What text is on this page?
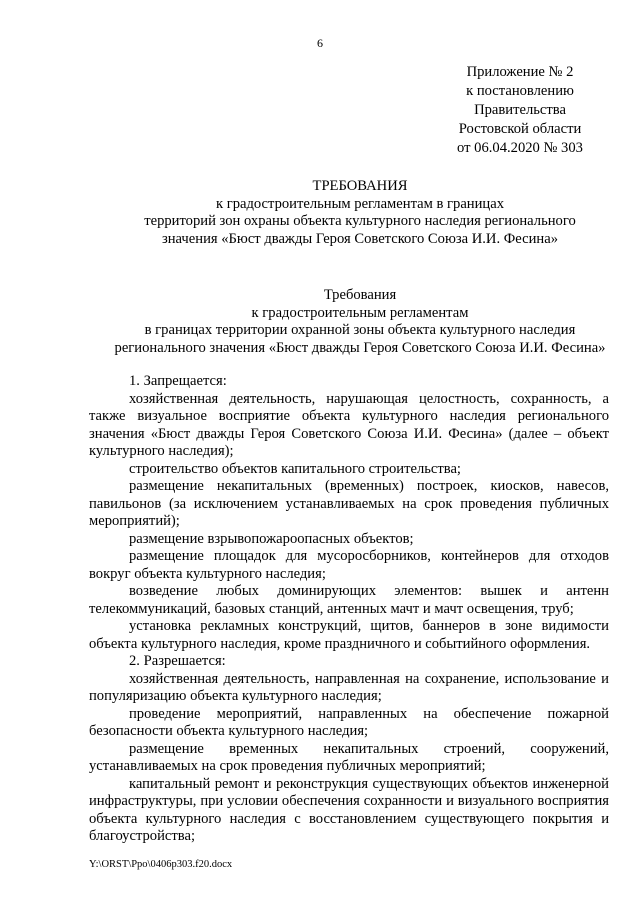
6
Приложение № 2
к постановлению
Правительства
Ростовской области
от 06.04.2020 № 303
ТРЕБОВАНИЯ
к градостроительным регламентам в границах
территорий зон охраны объекта культурного наследия регионального
значения «Бюст дважды Героя Советского Союза И.И. Фесина»
Требования
к градостроительным регламентам
в границах территории охранной зоны объекта культурного наследия
регионального значения «Бюст дважды Героя Советского Союза И.И. Фесина»

1. Запрещается:

хозяйственная деятельность, нарушающая целостность, сохранность, а также визуальное восприятие объекта культурного наследия регионального значения «Бюст дважды Героя Советского Союза И.И. Фесина» (далее – объект культурного наследия);

строительство объектов капитального строительства;

размещение некапитальных (временных) построек, киосков, навесов, павильонов (за исключением устанавливаемых на срок проведения публичных мероприятий);

размещение взрывопожароопасных объектов;

размещение площадок для мусоросборников, контейнеров для отходов вокруг объекта культурного наследия;

возведение любых доминирующих элементов: вышек и антенн телекоммуникаций, базовых станций, антенных мачт и мачт освещения, труб;

установка рекламных конструкций, щитов, баннеров в зоне видимости объекта культурного наследия, кроме праздничного и событийного оформления.

2. Разрешается:

хозяйственная деятельность, направленная на сохранение, использование и популяризацию объекта культурного наследия;

проведение мероприятий, направленных на обеспечение пожарной безопасности объекта культурного наследия;

размещение временных некапитальных строений, сооружений, устанавливаемых на срок проведения публичных мероприятий;

капитальный ремонт и реконструкция существующих объектов инженерной инфраструктуры, при условии обеспечения сохранности и визуального восприятия объекта культурного наследия с восстановлением существующего покрытия и благоустройства;

Y:\ORST\Ppo\0406p303.f20.docx
